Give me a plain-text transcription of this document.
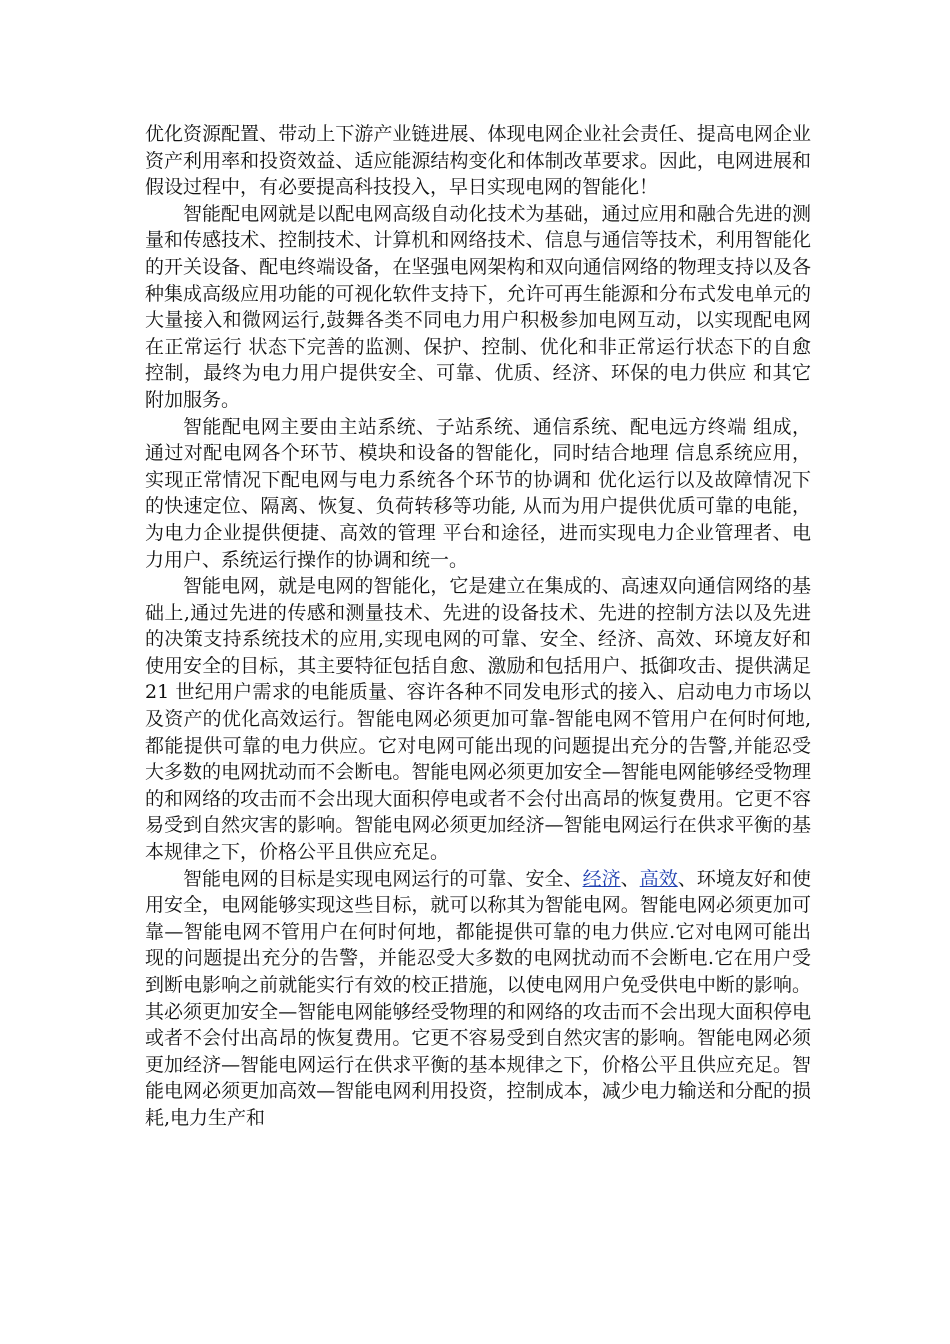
优化资源配置、带动上下游产业链进展、体现电网企业社会责任、提高电网企业资产利用率和投资效益、适应能源结构变化和体制改革要求。因此，电网进展和假设过程中，有必要提高科技投入，早日实现电网的智能化！

智能配电网就是以配电网高级自动化技术为基础，通过应用和融合先进的测量和传感技术、控制技术、计算机和网络技术、信息与通信等技术，利用智能化的开关设备、配电终端设备，在坚强电网架构和双向通信网络的物理支持以及各种集成高级应用功能的可视化软件支持下，允许可再生能源和分布式发电单元的大量接入和微网运行,鼓舞各类不同电力用户积极参加电网互动，以实现配电网在正常运行 状态下完善的监测、保护、控制、优化和非正常运行状态下的自愈控制，最终为电力用户提供安全、可靠、优质、经济、环保的电力供应 和其它附加服务。

智能配电网主要由主站系统、子站系统、通信系统、配电远方终端 组成，通过对配电网各个环节、模块和设备的智能化，同时结合地理 信息系统应用， 实现正常情况下配电网与电力系统各个环节的协调和 优化运行以及故障情况下的快速定位、隔离、恢复、负荷转移等功能, 从而为用户提供优质可靠的电能，为电力企业提供便捷、高效的管理 平台和途径，进而实现电力企业管理者、电力用户、系统运行操作的协调和统一。

智能电网，就是电网的智能化，它是建立在集成的、高速双向通信网络的基础上,通过先进的传感和测量技术、先进的设备技术、先进的控制方法以及先进的决策支持系统技术的应用,实现电网的可靠、安全、经济、高效、环境友好和使用安全的目标，其主要特征包括自愈、激励和包括用户、抵御攻击、提供满足 21 世纪用户需求的电能质量、容许各种不同发电形式的接入、启动电力市场以及资产的优化高效运行。智能电网必须更加可靠-智能电网不管用户在何时何地,都能提供可靠的电力供应。它对电网可能出现的问题提出充分的告警,并能忍受大多数的电网扰动而不会断电。智能电网必须更加安全—智能电网能够经受物理的和网络的攻击而不会出现大面积停电或者不会付出高昂的恢复费用。它更不容易受到自然灾害的影响。智能电网必须更加经济—智能电网运行在供求平衡的基本规律之下，价格公平且供应充足。

智能电网的目标是实现电网运行的可靠、安全、经济、高效、环境友好和使用安全，电网能够实现这些目标，就可以称其为智能电网。智能电网必须更加可靠—智能电网不管用户在何时何地，都能提供可靠的电力供应.它对电网可能出现的问题提出充分的告警，并能忍受大多数的电网扰动而不会断电.它在用户受到断电影响之前就能实行有效的校正措施，以使电网用户免受供电中断的影响。其必须更加安全—智能电网能够经受物理的和网络的攻击而不会出现大面积停电或者不会付出高昂的恢复费用。它更不容易受到自然灾害的影响。智能电网必须更加经济—智能电网运行在供求平衡的基本规律之下，价格公平且供应充足。智能电网必须更加高效—智能电网利用投资，控制成本，减少电力输送和分配的损耗,电力生产和
